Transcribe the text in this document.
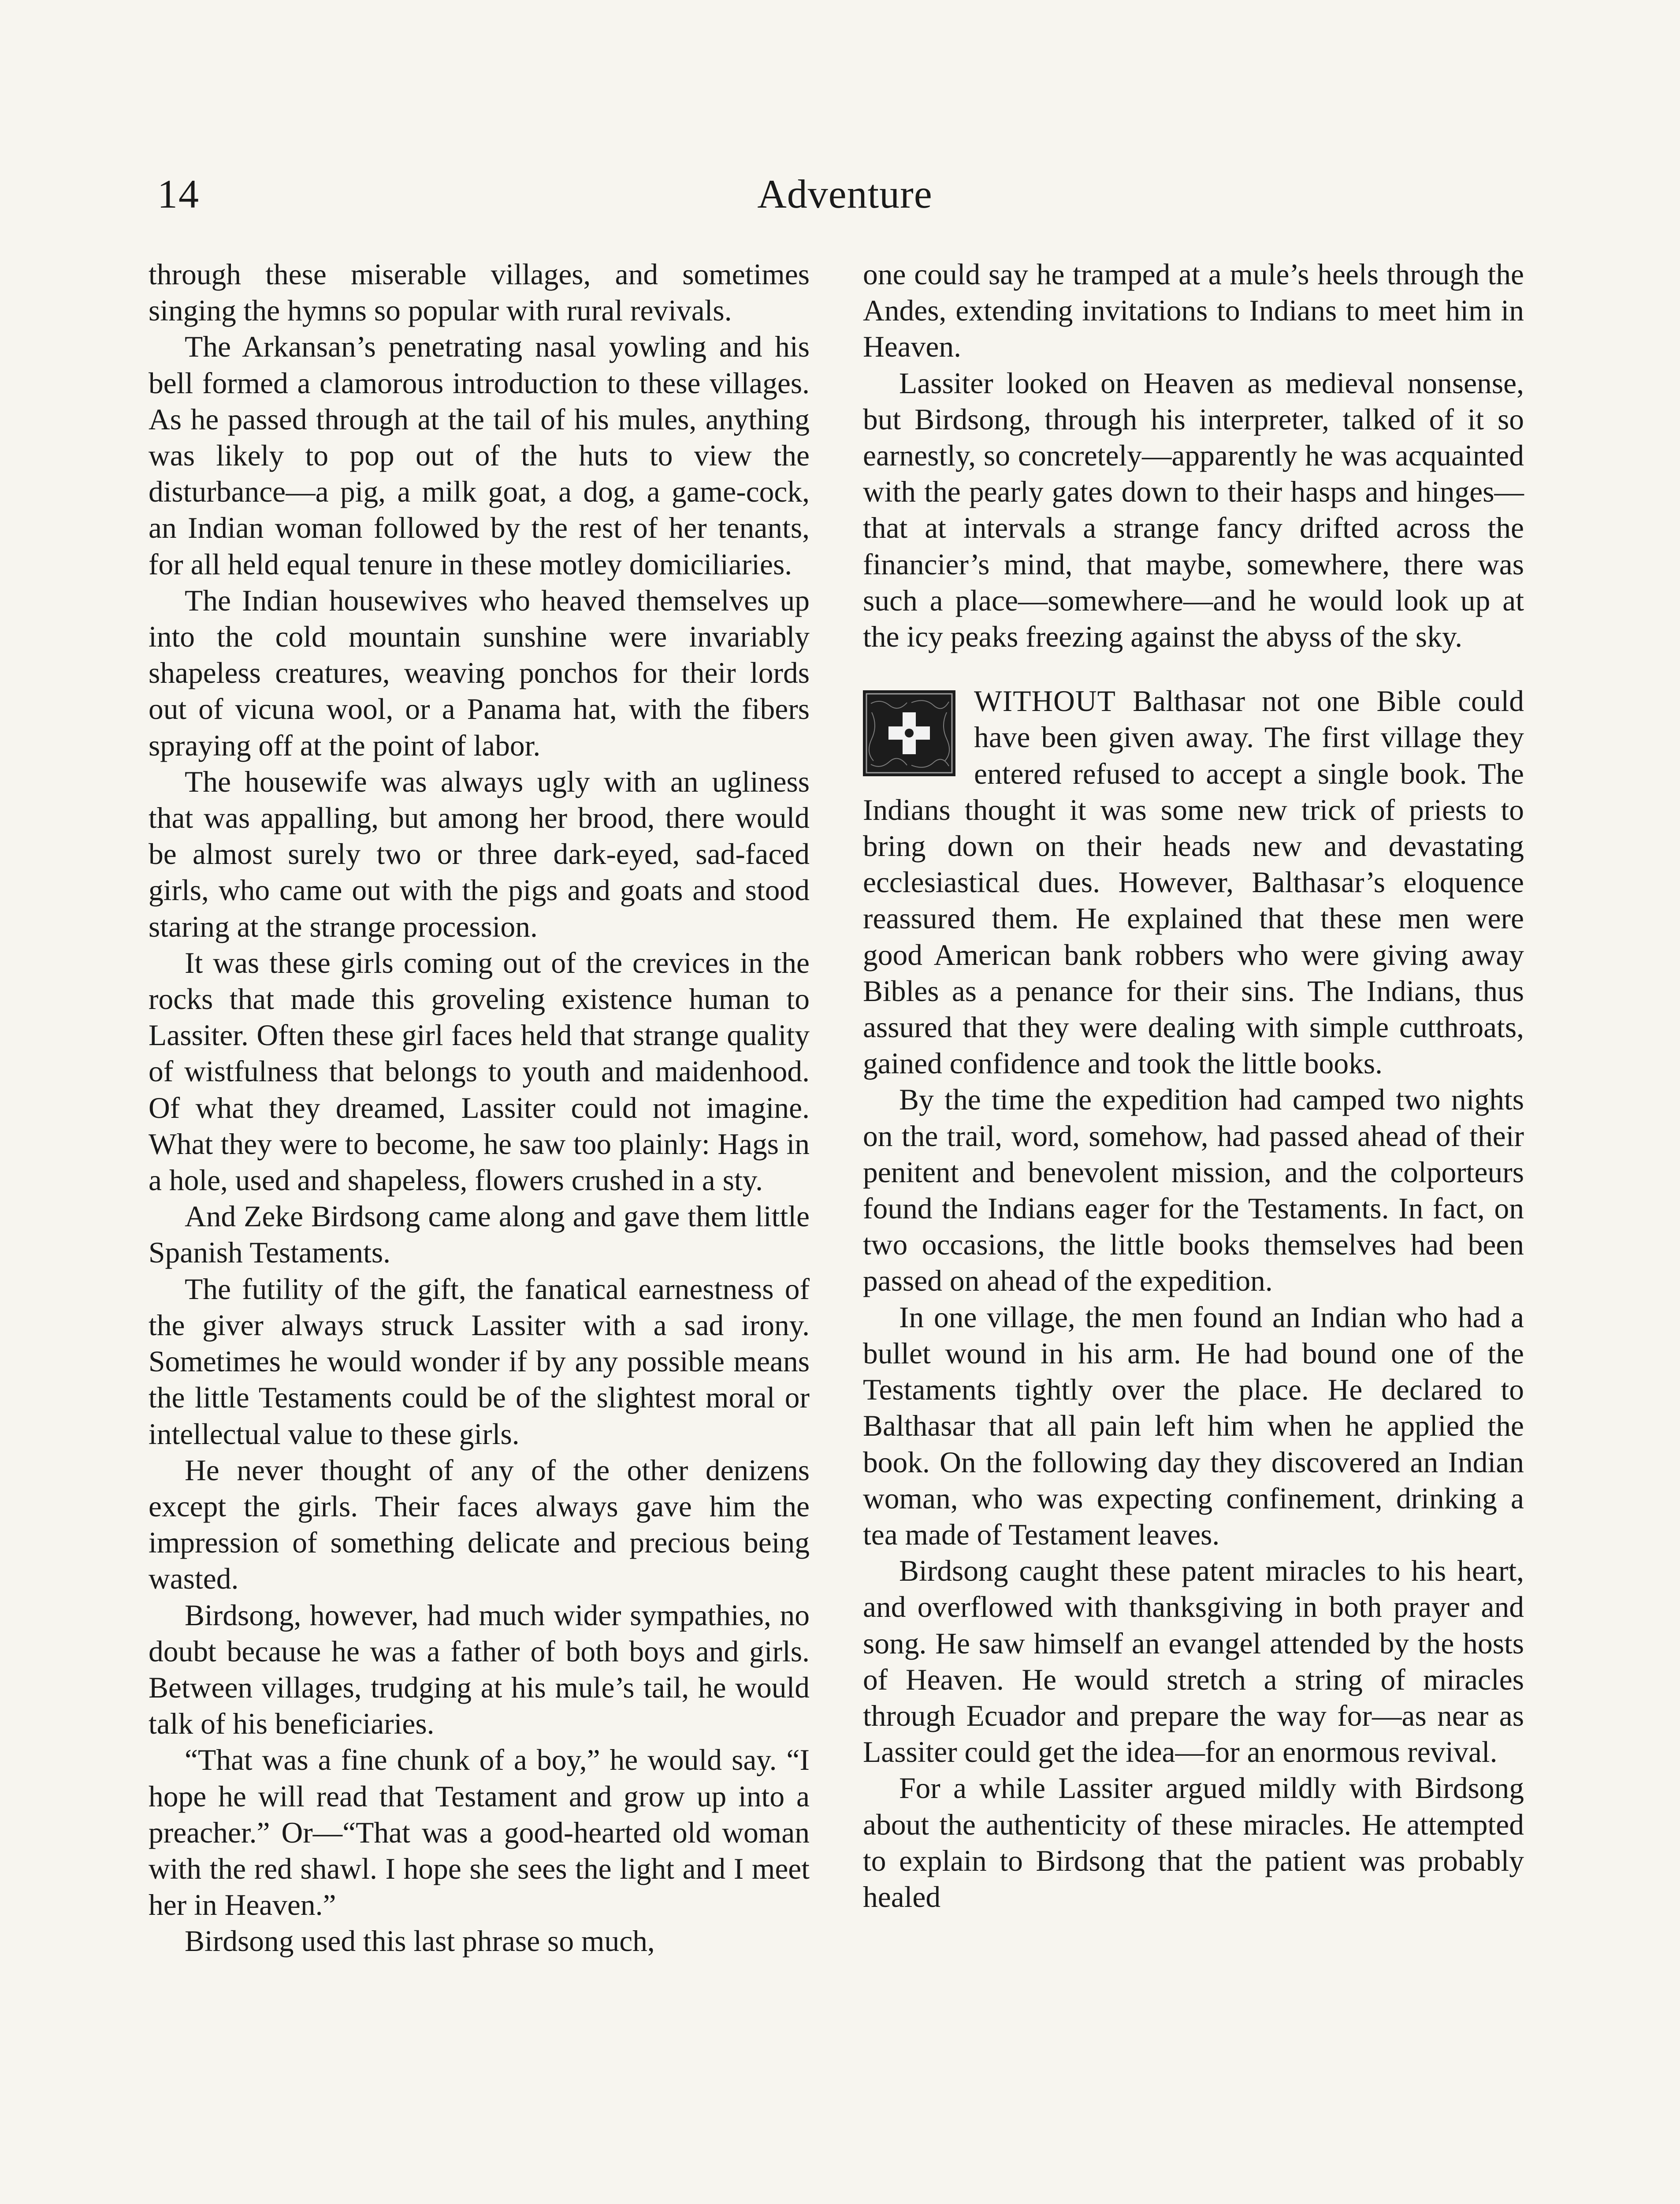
14	Adventure

through these miserable villages, and sometimes singing the hymns so popular with rural revivals.

The Arkansan’s penetrating nasal yowling and his bell formed a clamorous introduction to these villages. As he passed through at the tail of his mules, anything was likely to pop out of the huts to view the disturbance—a pig, a milk goat, a dog, a game-cock, an Indian woman followed by the rest of her tenants, for all held equal tenure in these motley domiciliaries.

The Indian housewives who heaved themselves up into the cold mountain sunshine were invariably shapeless creatures, weaving ponchos for their lords out of vicuna wool, or a Panama hat, with the fibers spraying off at the point of labor.

The housewife was always ugly with an ugliness that was appalling, but among her brood, there would be almost surely two or three dark-eyed, sad-faced girls, who came out with the pigs and goats and stood staring at the strange procession.

It was these girls coming out of the crevices in the rocks that made this groveling existence human to Lassiter. Often these girl faces held that strange quality of wistfulness that belongs to youth and maidenhood. Of what they dreamed, Lassiter could not imagine. What they were to become, he saw too plainly: Hags in a hole, used and shapeless, flowers crushed in a sty.

And Zeke Birdsong came along and gave them little Spanish Testaments.

The futility of the gift, the fanatical earnestness of the giver always struck Lassiter with a sad irony. Sometimes he would wonder if by any possible means the little Testaments could be of the slightest moral or intellectual value to these girls.

He never thought of any of the other denizens except the girls. Their faces always gave him the impression of something delicate and precious being wasted.

Birdsong, however, had much wider sympathies, no doubt because he was a father of both boys and girls. Between villages, trudging at his mule’s tail, he would talk of his beneficiaries.

“That was a fine chunk of a boy,” he would say. “I hope he will read that Testament and grow up into a preacher.” Or—“That was a good-hearted old woman with the red shawl. I hope she sees the light and I meet her in Heaven.”

Birdsong used this last phrase so much,

one could say he tramped at a mule’s heels through the Andes, extending invitations to Indians to meet him in Heaven.

Lassiter looked on Heaven as medieval nonsense, but Birdsong, through his interpreter, talked of it so earnestly, so concretely—apparently he was acquainted with the pearly gates down to their hasps and hinges—that at intervals a strange fancy drifted across the financier’s mind, that maybe, somewhere, there was such a place—somewhere—and he would look up at the icy peaks freezing against the abyss of the sky.

WITHOUT Balthasar not one Bible could have been given away. The first village they entered refused to accept a single book. The Indians thought it was some new trick of priests to bring down on their heads new and devastating ecclesiastical dues. However, Balthasar’s eloquence reassured them. He explained that these men were good American bank robbers who were giving away Bibles as a penance for their sins. The Indians, thus assured that they were dealing with simple cutthroats, gained confidence and took the little books.

By the time the expedition had camped two nights on the trail, word, somehow, had passed ahead of their penitent and benevolent mission, and the colporteurs found the Indians eager for the Testaments. In fact, on two occasions, the little books themselves had been passed on ahead of the expedition.

In one village, the men found an Indian who had a bullet wound in his arm. He had bound one of the Testaments tightly over the place. He declared to Balthasar that all pain left him when he applied the book. On the following day they discovered an Indian woman, who was expecting confinement, drinking a tea made of Testament leaves.

Birdsong caught these patent miracles to his heart, and overflowed with thanksgiving in both prayer and song. He saw himself an evangel attended by the hosts of Heaven. He would stretch a string of miracles through Ecuador and prepare the way for—as near as Lassiter could get the idea—for an enormous revival.

For a while Lassiter argued mildly with Birdsong about the authenticity of these miracles. He attempted to explain to Birdsong that the patient was probably healed
